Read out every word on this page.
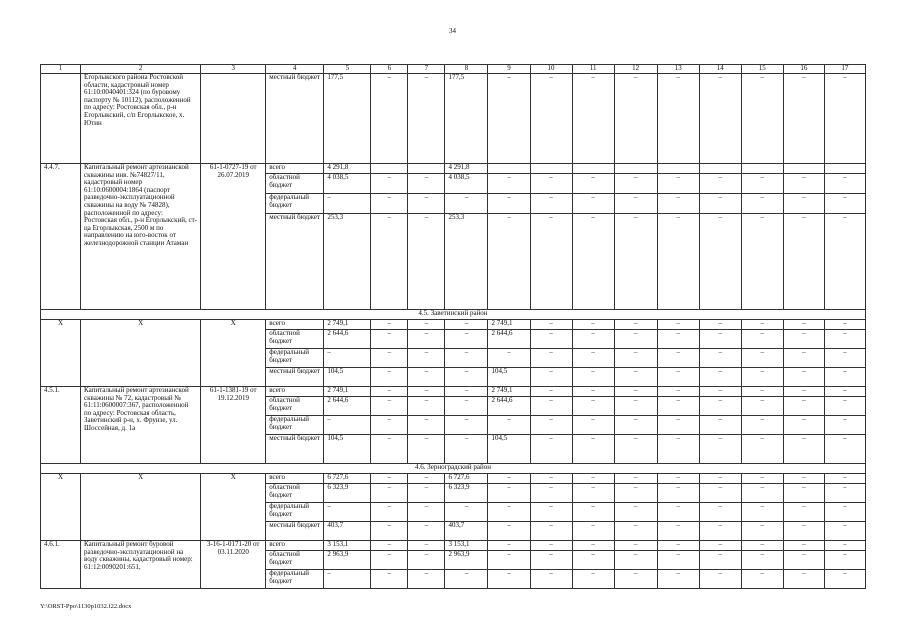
34
1	2	3	4	5	6	7	8	9	10	11	12	13	14	15	16	17
	Егорлыкского района Ростовской области, кадастровый номер 61:10:0040401:324 (по буровому паспорту № 10112), расположенной по адресу: Ростовская обл., р-н Егорлыкский, с/п Егорлыкское, х. Ютин		местный бюджет	177,5	–	–	177,5	–	–	–	–	–	–	–	–	–
4.4.7.	Капитальный ремонт артезианской скважины инв. №74827/11, кадастровый номер 61:10:0600004:1864 (паспорт разведочно-эксплуатационной скважины на воду № 74828), расположенной по адресу: Ростовская обл., р-н Егорлыкский, ст-ца Егорлыкская, 2500 м по направлению на юго-восток от железнодорожной станции Атаман	61-1-0727-19 от 26.07.2019	всего	4 291,8			4 291,8									
			областной бюджет	4 038,5	–	–	4 038,5	–	–	–	–	–	–	–	–	–
			федеральный бюджет	–	–	–	–	–	–	–	–	–	–	–	–	–
			местный бюджет	253,3	–	–	253,3	–	–	–	–	–	–	–	–	–
4.5. Заветинский район																
X	X	X	всего	2 749,1	–	–	–	2 749,1	–	–	–	–	–	–	–	–
			областной бюджет	2 644,6	–	–	–	2 644,6	–	–	–	–	–	–	–	–
			федеральный бюджет	–	–	–	–	–	–	–	–	–	–	–	–	–
			местный бюджет	104,5	–	–	–	104,5	–	–	–	–	–	–	–	–
4.5.1.	Капитальный ремонт артезианской скважины № 72, кадастровый № 61:11:0600007:367, расположенной по адресу: Ростовская область, Заветинский р-н, х. Фрунзе, ул. Шоссейная, д. 1а	61-1-1381-19 от 19.12.2019	всего	2 749,1	–	–	–	2 749,1	–	–	–	–	–	–	–	–
			областной бюджет	2 644,6	–	–	–	2 644,6	–	–	–	–	–	–	–	–
			федеральный бюджет	–	–	–	–	–	–	–	–	–	–	–	–	–
			местный бюджет	104,5	–	–	–	104,5	–	–	–	–	–	–	–	–
4.6. Зерноградский район																
X	X	X	всего	6 727,6	–	–	6 727,6	–	–	–	–	–	–	–	–	–
			областной бюджет	6 323,9	–	–	6 323,9	–	–	–	–	–	–	–	–	–
			федеральный бюджет	–	–	–	–	–	–	–	–	–	–	–	–	–
			местный бюджет	403,7	–	–	403,7	–	–	–	–	–	–	–	–	–
4.6.1.	Капитальный ремонт буровой разведочно-эксплуатационной на воду скважины, кадастровый номер: 61:12:0090201:651,	3-16-1-0171-20 от 03.11.2020	всего	3 153,1	–	–	3 153,1	–	–	–	–	–	–	–	–	–
			областной бюджет	2 963,9	–	–	2 963,9	–	–	–	–	–	–	–	–	–
			федеральный бюджет	–	–	–	–	–	–	–	–	–	–	–	–	–
Y:\ORST-Ppo\1130p1032.f22.docx
